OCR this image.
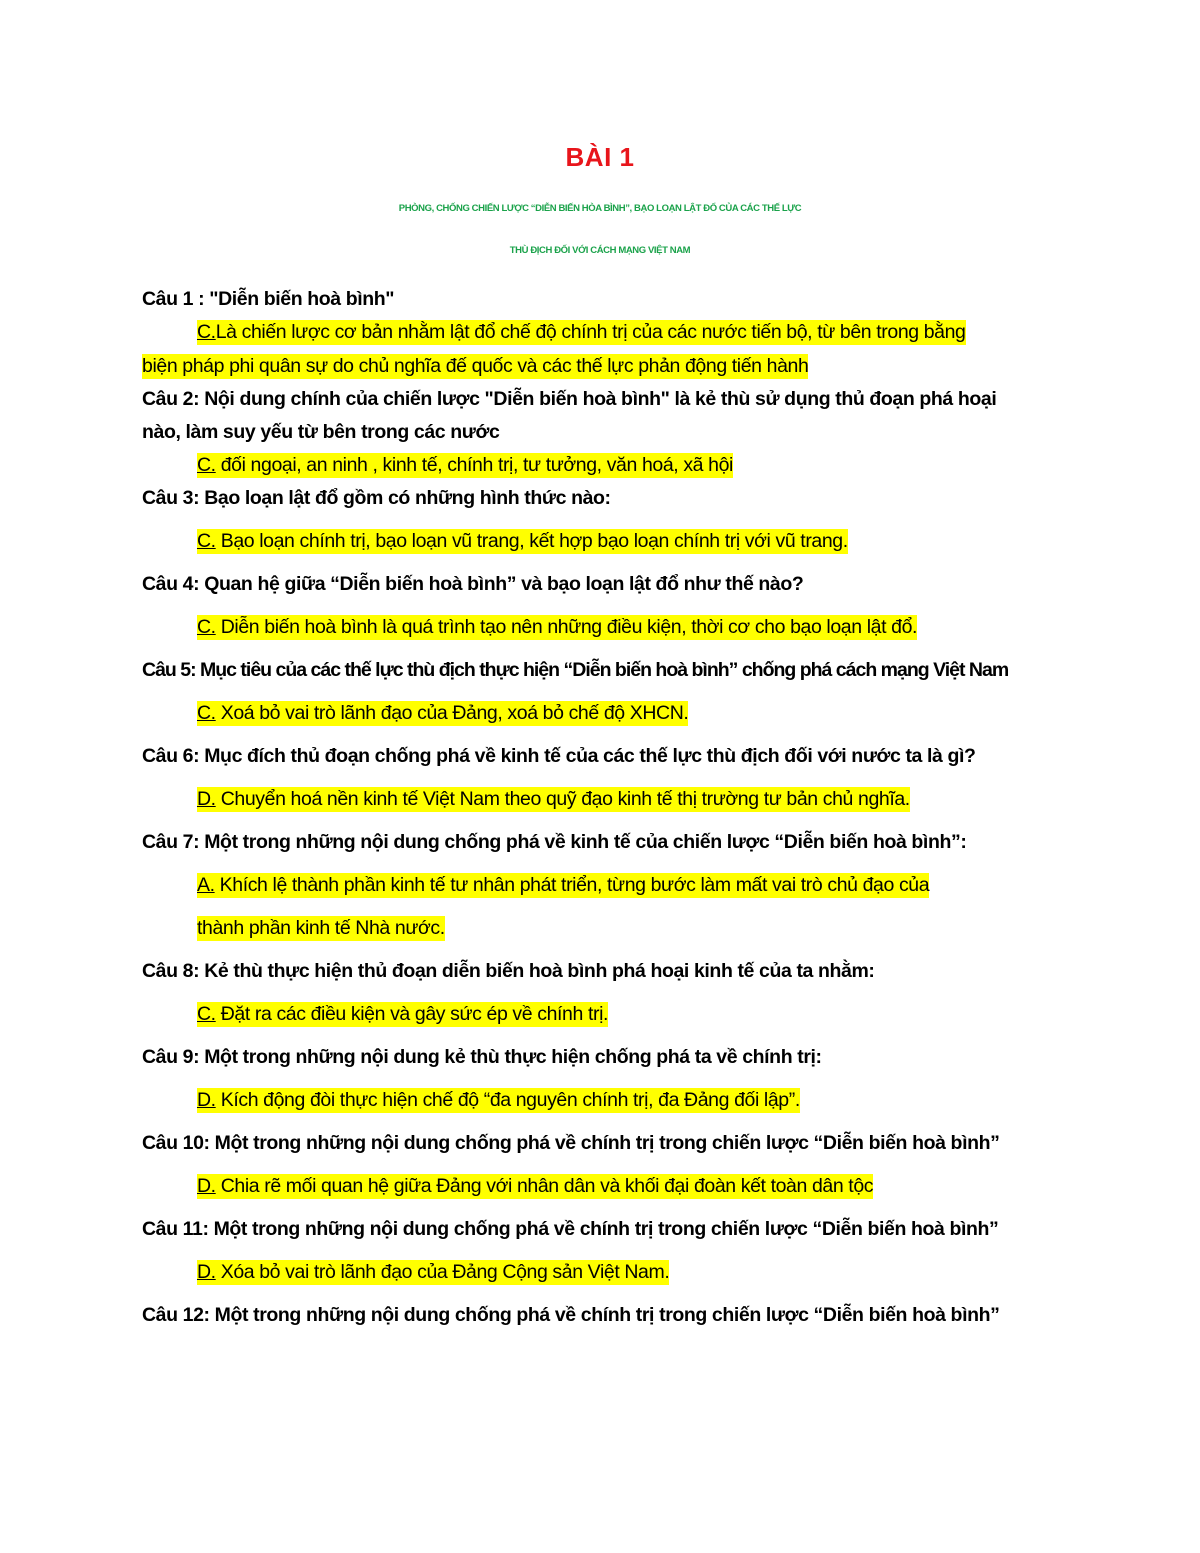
BÀI 1
PHÒNG, CHỐNG CHIẾN LƯỢC “DIỄN BIẾN HÒA BÌNH”, BẠO LOẠN LẬT ĐỔ CỦA CÁC THẾ LỰC
THÙ ĐỊCH ĐỐI VỚI CÁCH MẠNG VIỆT NAM
Câu 1 : "Diễn biến hoà bình"
C.Là chiến lược cơ bản nhằm lật đổ chế độ chính trị của các nước tiến bộ, từ bên trong bằng
biện pháp phi quân sự do chủ nghĩa đế quốc và các thế lực phản động tiến hành
Câu 2: Nội dung chính của chiến lược "Diễn biến hoà bình" là kẻ thù sử dụng thủ đoạn phá hoại
nào, làm suy yếu từ bên trong các nước
C. đối ngoại, an ninh , kinh tế, chính trị, tư tưởng, văn hoá, xã hội
Câu 3: Bạo loạn lật đổ gồm có những hình thức nào:
C. Bạo loạn chính trị, bạo loạn vũ trang, kết hợp bạo loạn chính trị với vũ trang.
Câu 4: Quan hệ giữa “Diễn biến hoà bình” và bạo loạn lật đổ như thế nào?
C. Diễn biến hoà bình là quá trình tạo nên những điều kiện, thời cơ cho bạo loạn lật đổ.
Câu 5: Mục tiêu của các thế lực thù địch thực hiện “Diễn biến hoà bình” chống phá cách mạng Việt Nam
C. Xoá bỏ vai trò lãnh đạo của Đảng, xoá bỏ chế độ XHCN.
Câu 6: Mục đích thủ đoạn chống phá về kinh tế của các thế lực thù địch đối với nước ta là gì?
D. Chuyển hoá nền kinh tế Việt Nam theo quỹ đạo kinh tế thị trường tư bản chủ nghĩa.
Câu 7: Một trong những nội dung chống phá về kinh tế của chiến lược “Diễn biến hoà bình”:
A. Khích lệ thành phần kinh tế tư nhân phát triển, từng bước làm mất vai trò chủ đạo của
thành phần kinh tế Nhà nước.
Câu 8: Kẻ thù thực hiện thủ đoạn diễn biến hoà bình phá hoại kinh tế của ta nhằm:
C. Đặt ra các điều kiện và gây sức ép về chính trị.
Câu 9: Một trong những nội dung kẻ thù thực hiện chống phá ta về chính trị:
D. Kích động đòi thực hiện chế độ “đa nguyên chính trị, đa Đảng đối lập”.
Câu 10: Một trong những nội dung chống phá về chính trị trong chiến lược “Diễn biến hoà bình”
D. Chia rẽ mối quan hệ giữa Đảng với nhân dân và khối đại đoàn kết toàn dân tộc
Câu 11: Một trong những nội dung chống phá về chính trị trong chiến lược “Diễn biến hoà bình”
D. Xóa bỏ vai trò lãnh đạo của Đảng Cộng sản Việt Nam.
Câu 12: Một trong những nội dung chống phá về chính trị trong chiến lược “Diễn biến hoà bình”
